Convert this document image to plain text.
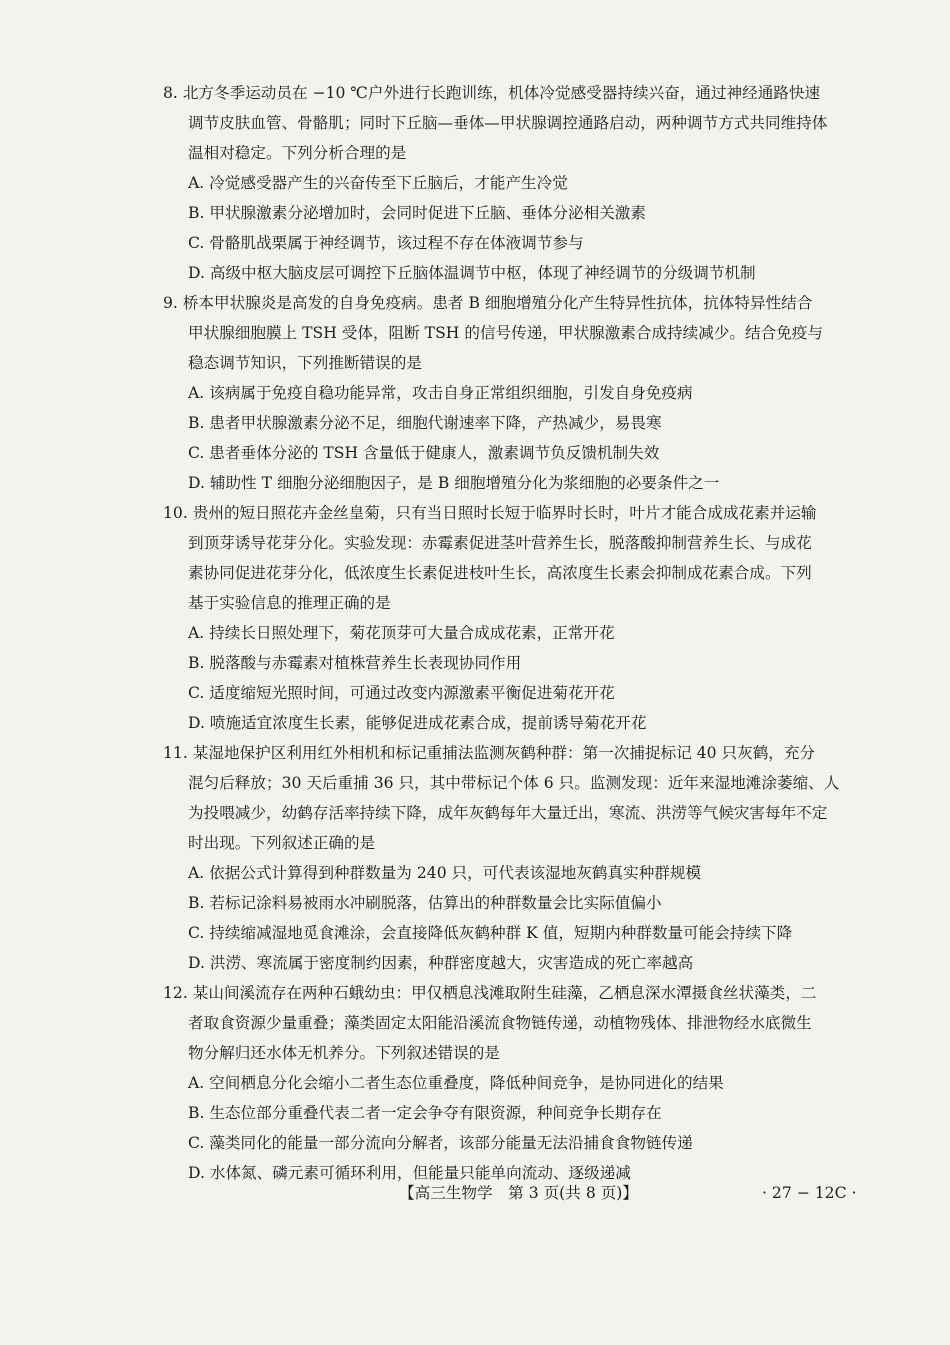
8. 北方冬季运动员在 −10 ℃户外进行长跑训练，机体冷觉感受器持续兴奋，通过神经通路快速
调节皮肤血管、骨骼肌；同时下丘脑—垂体—甲状腺调控通路启动，两种调节方式共同维持体
温相对稳定。下列分析合理的是
A. 冷觉感受器产生的兴奋传至下丘脑后，才能产生冷觉
B. 甲状腺激素分泌增加时，会同时促进下丘脑、垂体分泌相关激素
C. 骨骼肌战栗属于神经调节，该过程不存在体液调节参与
D. 高级中枢大脑皮层可调控下丘脑体温调节中枢，体现了神经调节的分级调节机制
9. 桥本甲状腺炎是高发的自身免疫病。患者 B 细胞增殖分化产生特异性抗体，抗体特异性结合
甲状腺细胞膜上 TSH 受体，阻断 TSH 的信号传递，甲状腺激素合成持续减少。结合免疫与
稳态调节知识，下列推断错误的是
A. 该病属于免疫自稳功能异常，攻击自身正常组织细胞，引发自身免疫病
B. 患者甲状腺激素分泌不足，细胞代谢速率下降，产热减少，易畏寒
C. 患者垂体分泌的 TSH 含量低于健康人，激素调节负反馈机制失效
D. 辅助性 T 细胞分泌细胞因子，是 B 细胞增殖分化为浆细胞的必要条件之一
10. 贵州的短日照花卉金丝皇菊，只有当日照时长短于临界时长时，叶片才能合成成花素并运输
到顶芽诱导花芽分化。实验发现：赤霉素促进茎叶营养生长，脱落酸抑制营养生长、与成花
素协同促进花芽分化，低浓度生长素促进枝叶生长，高浓度生长素会抑制成花素合成。下列
基于实验信息的推理正确的是
A. 持续长日照处理下，菊花顶芽可大量合成成花素，正常开花
B. 脱落酸与赤霉素对植株营养生长表现协同作用
C. 适度缩短光照时间，可通过改变内源激素平衡促进菊花开花
D. 喷施适宜浓度生长素，能够促进成花素合成，提前诱导菊花开花
11. 某湿地保护区利用红外相机和标记重捕法监测灰鹤种群：第一次捕捉标记 40 只灰鹤，充分
混匀后释放；30 天后重捕 36 只，其中带标记个体 6 只。监测发现：近年来湿地滩涂萎缩、人
为投喂减少，幼鹤存活率持续下降，成年灰鹤每年大量迁出，寒流、洪涝等气候灾害每年不定
时出现。下列叙述正确的是
A. 依据公式计算得到种群数量为 240 只，可代表该湿地灰鹤真实种群规模
B. 若标记涂料易被雨水冲刷脱落，估算出的种群数量会比实际值偏小
C. 持续缩减湿地觅食滩涂，会直接降低灰鹤种群 K 值，短期内种群数量可能会持续下降
D. 洪涝、寒流属于密度制约因素，种群密度越大，灾害造成的死亡率越高
12. 某山间溪流存在两种石蛾幼虫：甲仅栖息浅滩取附生硅藻，乙栖息深水潭摄食丝状藻类，二
者取食资源少量重叠；藻类固定太阳能沿溪流食物链传递，动植物残体、排泄物经水底微生
物分解归还水体无机养分。下列叙述错误的是
A. 空间栖息分化会缩小二者生态位重叠度，降低种间竞争，是协同进化的结果
B. 生态位部分重叠代表二者一定会争夺有限资源，种间竞争长期存在
C. 藻类同化的能量一部分流向分解者，该部分能量无法沿捕食食物链传递
D. 水体氮、磷元素可循环利用，但能量只能单向流动、逐级递减
【高三生物学　第 3 页(共 8 页)】	· 27 − 12C ·
